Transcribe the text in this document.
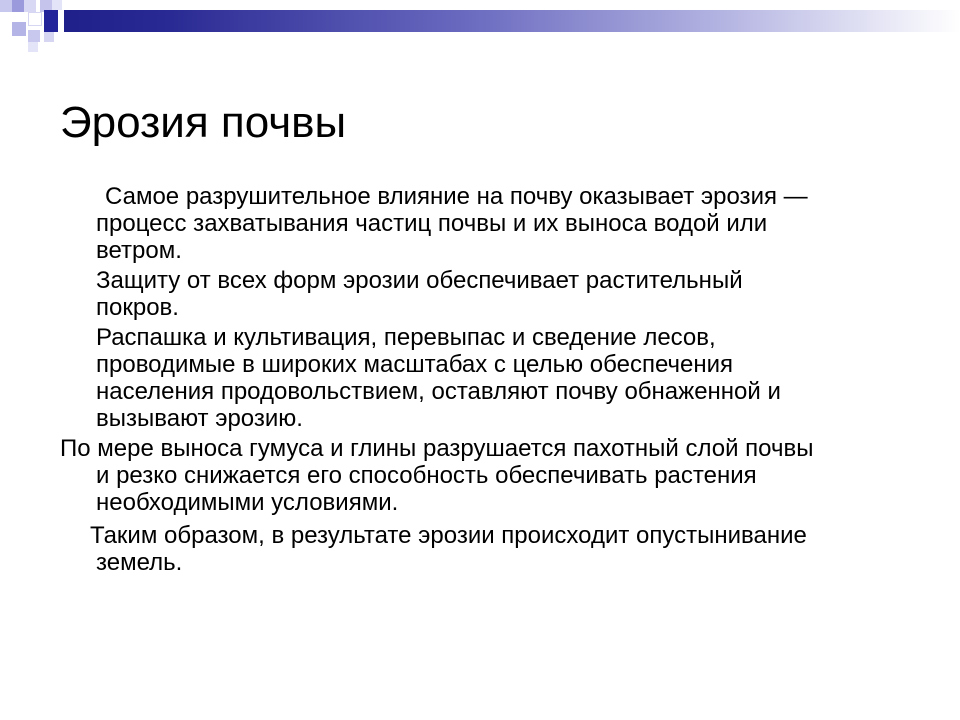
Эрозия почвы

Самое разрушительное влияние на почву оказывает эрозия —
процесс захватывания частиц почвы и их выноса водой или
ветром.

Защиту от всех форм эрозии обеспечивает растительный
покров.

Распашка и культивация, перевыпас и сведение лесов,
проводимые в широких масштабах с целью обеспечения
населения продовольствием, оставляют почву обнаженной и
вызывают эрозию.

По мере выноса гумуса и глины разрушается пахотный слой почвы
и резко снижается его способность обеспечивать растения
необходимыми условиями.

Таким образом, в результате эрозии происходит опустынивание
земель.
